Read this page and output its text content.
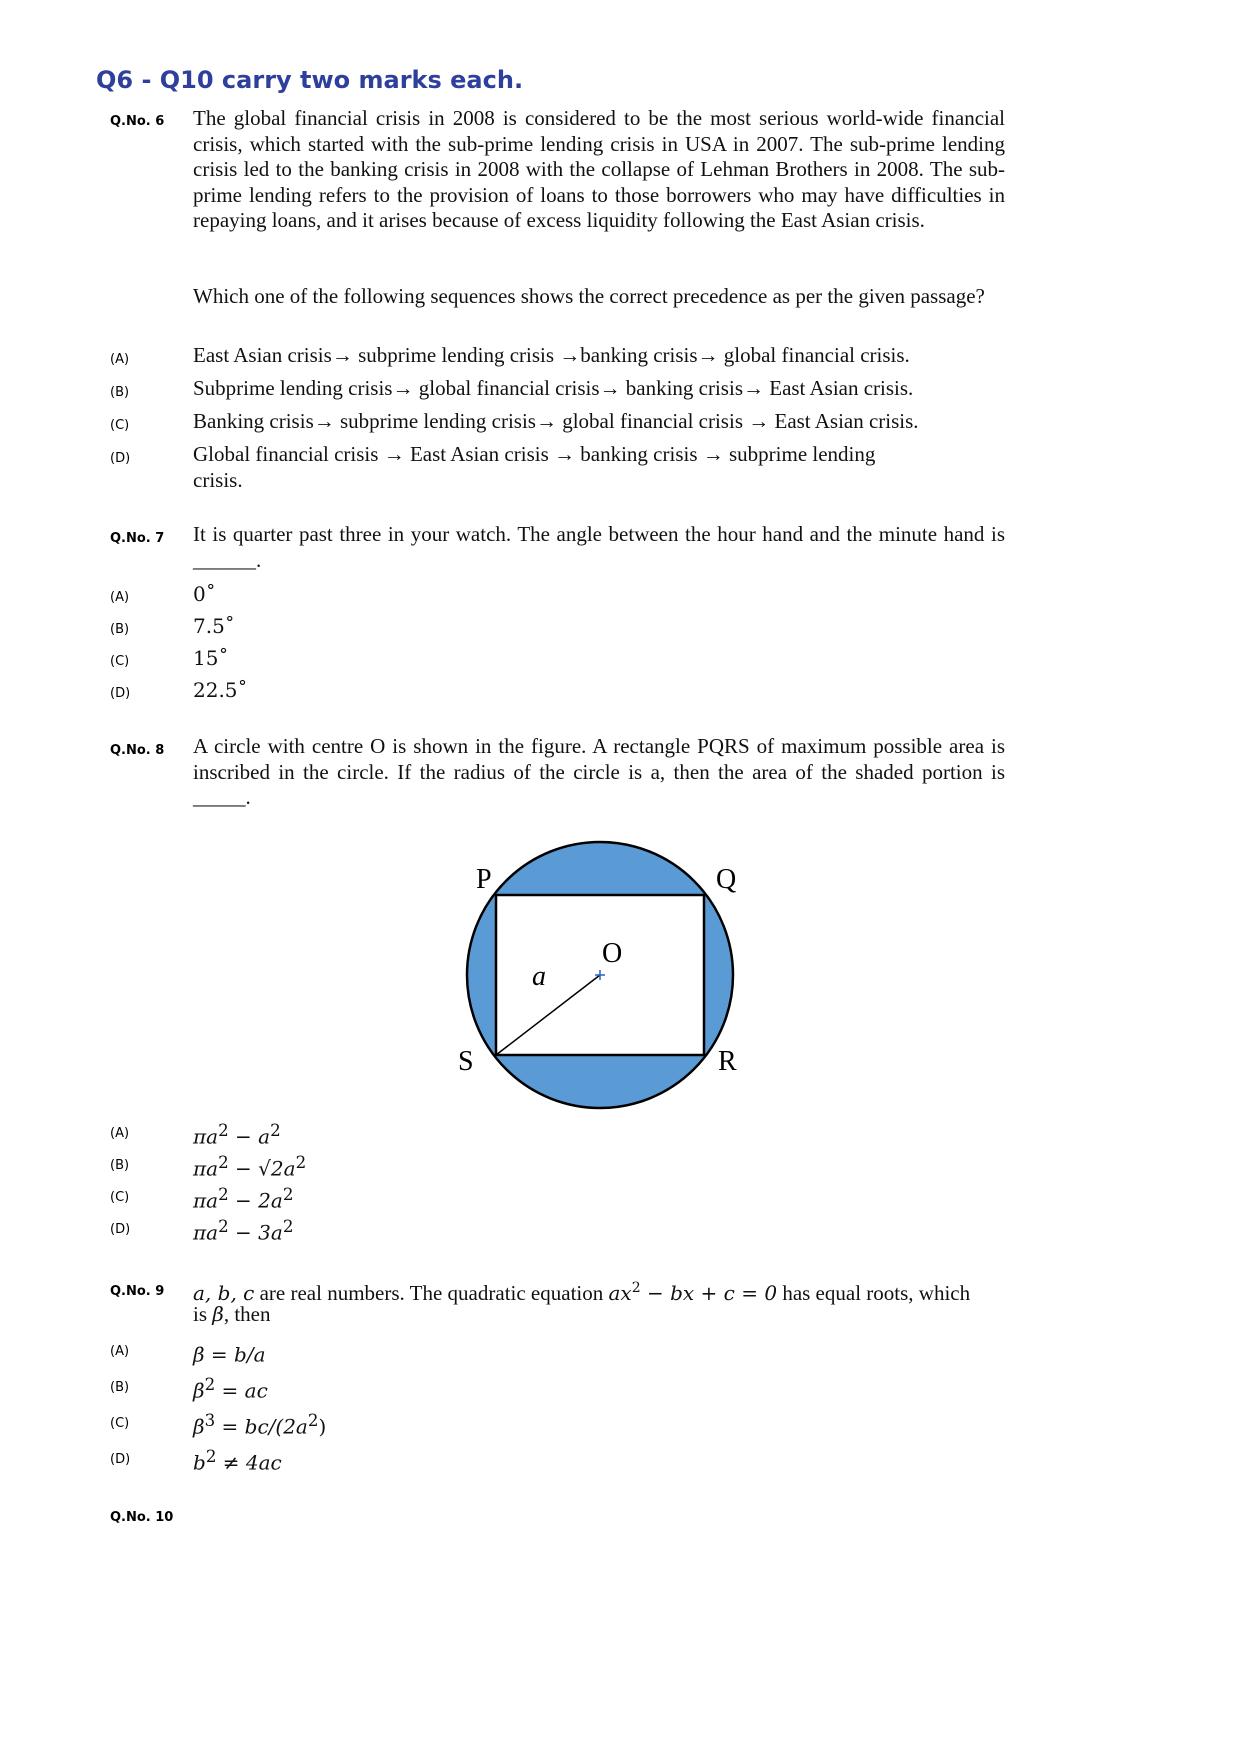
Q6 - Q10 carry two marks each.
Q.No. 6 The global financial crisis in 2008 is considered to be the most serious world-wide financial crisis, which started with the sub-prime lending crisis in USA in 2007. The sub-prime lending crisis led to the banking crisis in 2008 with the collapse of Lehman Brothers in 2008. The sub-prime lending refers to the provision of loans to those borrowers who may have difficulties in repaying loans, and it arises because of excess liquidity following the East Asian crisis.
Which one of the following sequences shows the correct precedence as per the given passage?
(A)	East Asian crisis→ subprime lending crisis →banking crisis→ global financial crisis.
(B)	Subprime lending crisis→ global financial crisis→ banking crisis→ East Asian crisis.
(C)	Banking crisis→ subprime lending crisis→ global financial crisis → East Asian crisis.
(D)	Global financial crisis → East Asian crisis → banking crisis → subprime lending
crisis.
Q.No. 7 It is quarter past three in your watch. The angle between the hour hand and the minute hand is ______.
(A)	0˚
(B)	7.5˚
(C)	15˚
(D)	22.5˚
Q.No. 8 A circle with centre O is shown in the figure. A rectangle PQRS of maximum possible area is inscribed in the circle. If the radius of the circle is a, then the area of the shaded portion is _____.
P	Q
R
S
O
a
(A)	$\pi a^2 - a^2$
(B)	$\pi a^2 - √2a^2$
(C)	$\pi a^2 - 2a^2$
(D)	$\pi a^2 - 3a^2$
Q.No. 9 a, b, c are real numbers. The quadratic equation $ax^2$ − bx + c = 0 has equal roots, which
is β, then
(A)	β = b/a
(B)	$\beta^2$ = ac
(C)	$\beta^3 = bc/(2a^2)$
(D)	$b^2 \ne 4ac$
Q.No. 10
